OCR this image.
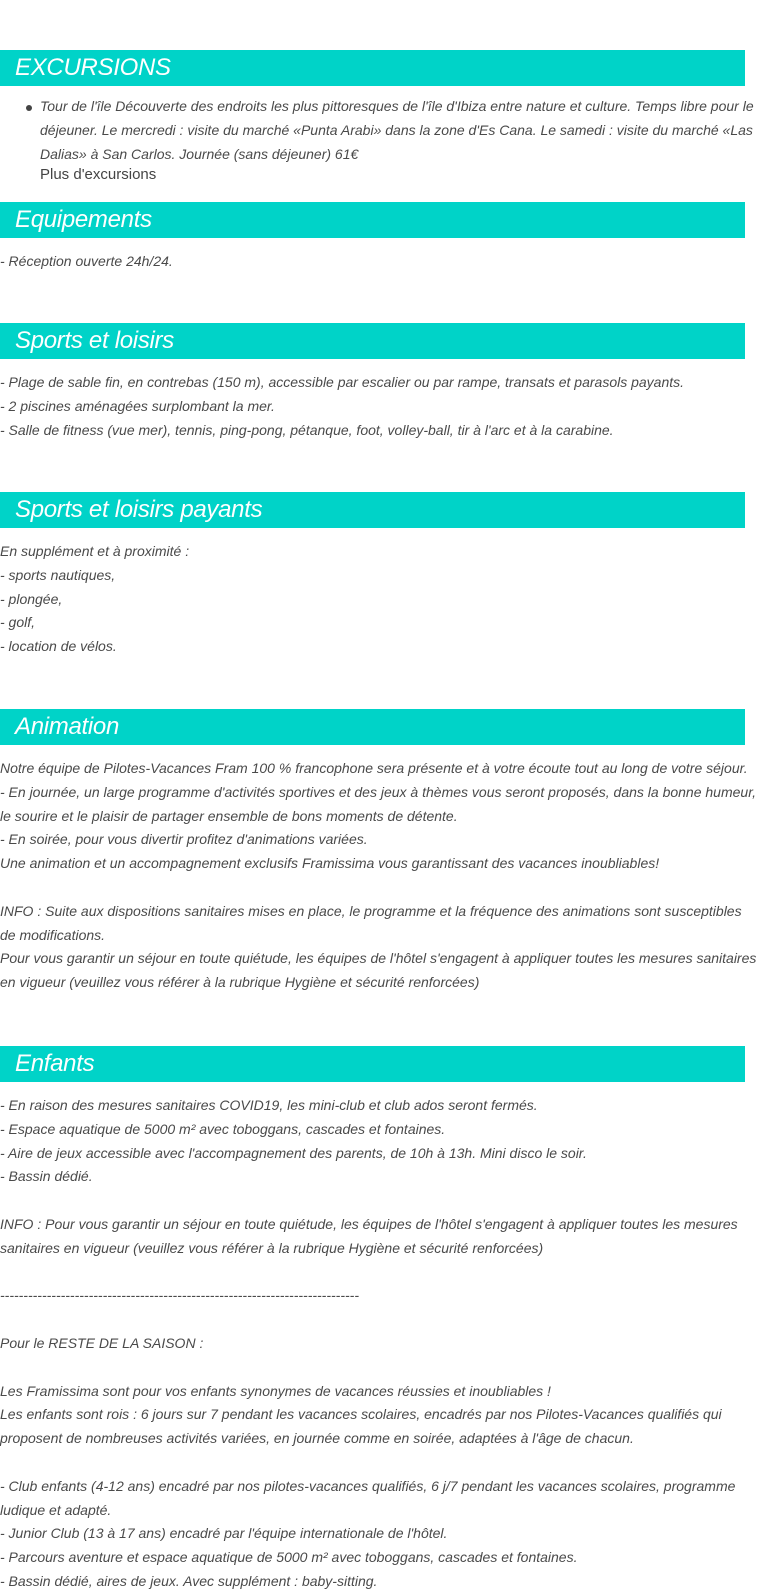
EXCURSIONS
Tour de l'île Découverte des endroits les plus pittoresques de l'île d'Ibiza entre nature et culture. Temps libre pour le
déjeuner. Le mercredi : visite du marché «Punta Arabi» dans la zone d'Es Cana. Le samedi : visite du marché «Las
Dalias» à San Carlos. Journée (sans déjeuner) 61€
Plus d'excursions
Equipements
- Réception ouverte 24h/24.
Sports et loisirs
- Plage de sable fin, en contrebas (150 m), accessible par escalier ou par rampe, transats et parasols payants.
- 2 piscines aménagées surplombant la mer.
- Salle de fitness (vue mer), tennis, ping-pong, pétanque, foot, volley-ball, tir à l'arc et à la carabine.
Sports et loisirs payants
En supplément et à proximité :
- sports nautiques,
- plongée,
- golf,
- location de vélos.
Animation
Notre équipe de Pilotes-Vacances Fram 100 % francophone sera présente et à votre écoute tout au long de votre séjour.
- En journée, un large programme d'activités sportives et des jeux à thèmes vous seront proposés, dans la bonne humeur,
le sourire et le plaisir de partager ensemble de bons moments de détente.
- En soirée, pour vous divertir profitez d'animations variées.
Une animation et un accompagnement exclusifs Framissima vous garantissant des vacances inoubliables!
INFO : Suite aux dispositions sanitaires mises en place, le programme et la fréquence des animations sont susceptibles
de modifications.
Pour vous garantir un séjour en toute quiétude, les équipes de l'hôtel s'engagent à appliquer toutes les mesures sanitaires
en vigueur (veuillez vous référer à la rubrique Hygiène et sécurité renforcées)
Enfants
- En raison des mesures sanitaires COVID19, les mini-club et club ados seront fermés.
- Espace aquatique de 5000 m² avec toboggans, cascades et fontaines.
- Aire de jeux accessible avec l'accompagnement des parents, de 10h à 13h. Mini disco le soir.
- Bassin dédié.
INFO : Pour vous garantir un séjour en toute quiétude, les équipes de l'hôtel s'engagent à appliquer toutes les mesures
sanitaires en vigueur (veuillez vous référer à la rubrique Hygiène et sécurité renforcées)
-----------------------------------------------------------------------------
Pour le RESTE DE LA SAISON :
Les Framissima sont pour vos enfants synonymes de vacances réussies et inoubliables !
Les enfants sont rois : 6 jours sur 7 pendant les vacances scolaires, encadrés par nos Pilotes-Vacances qualifiés qui
proposent de nombreuses activités variées, en journée comme en soirée, adaptées à l'âge de chacun.
- Club enfants (4-12 ans) encadré par nos pilotes-vacances qualifiés, 6 j/7 pendant les vacances scolaires, programme
ludique et adapté.
- Junior Club (13 à 17 ans) encadré par l'équipe internationale de l'hôtel.
- Parcours aventure et espace aquatique de 5000 m² avec toboggans, cascades et fontaines.
- Bassin dédié, aires de jeux. Avec supplément : baby-sitting.
